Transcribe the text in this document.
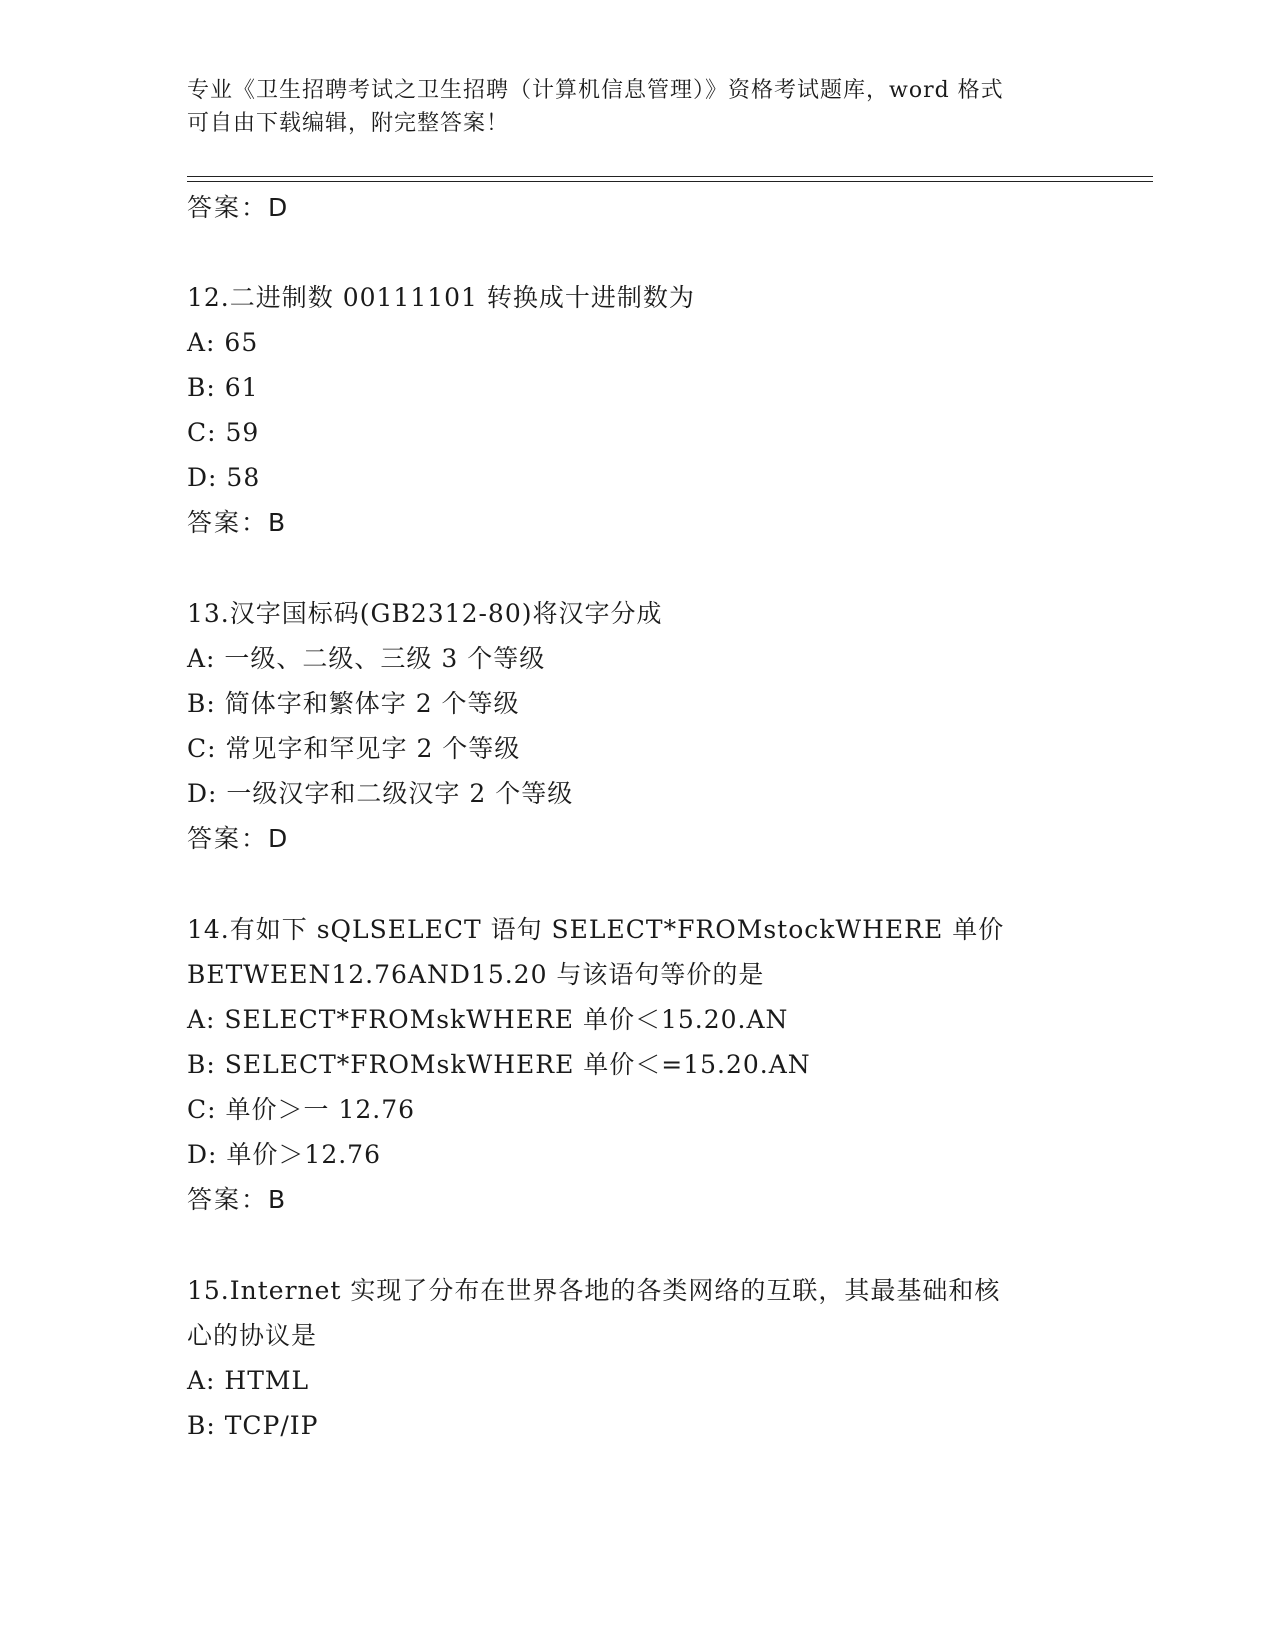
专业《卫生招聘考试之卫生招聘（计算机信息管理）》资格考试题库，word 格式
可自由下载编辑，附完整答案！
答案：D
12.二进制数 00111101 转换成十进制数为
A: 65
B: 61
C: 59
D: 58
答案：B
13.汉字国标码(GB2312-80)将汉字分成
A: 一级、二级、三级 3 个等级
B: 简体字和繁体字 2 个等级
C: 常见字和罕见字 2 个等级
D: 一级汉字和二级汉字 2 个等级
答案：D
14.有如下 sQLSELECT 语句 SELECT*FROMstockWHERE 单价
BETWEEN12.76AND15.20 与该语句等价的是
A: SELECT*FROMskWHERE 单价＜15.20.AN
B: SELECT*FROMskWHERE 单价＜=15.20.AN
C: 单价＞一 12.76
D: 单价＞12.76
答案：B
15.Internet 实现了分布在世界各地的各类网络的互联，其最基础和核
心的协议是
A: HTML
B: TCP/IP
